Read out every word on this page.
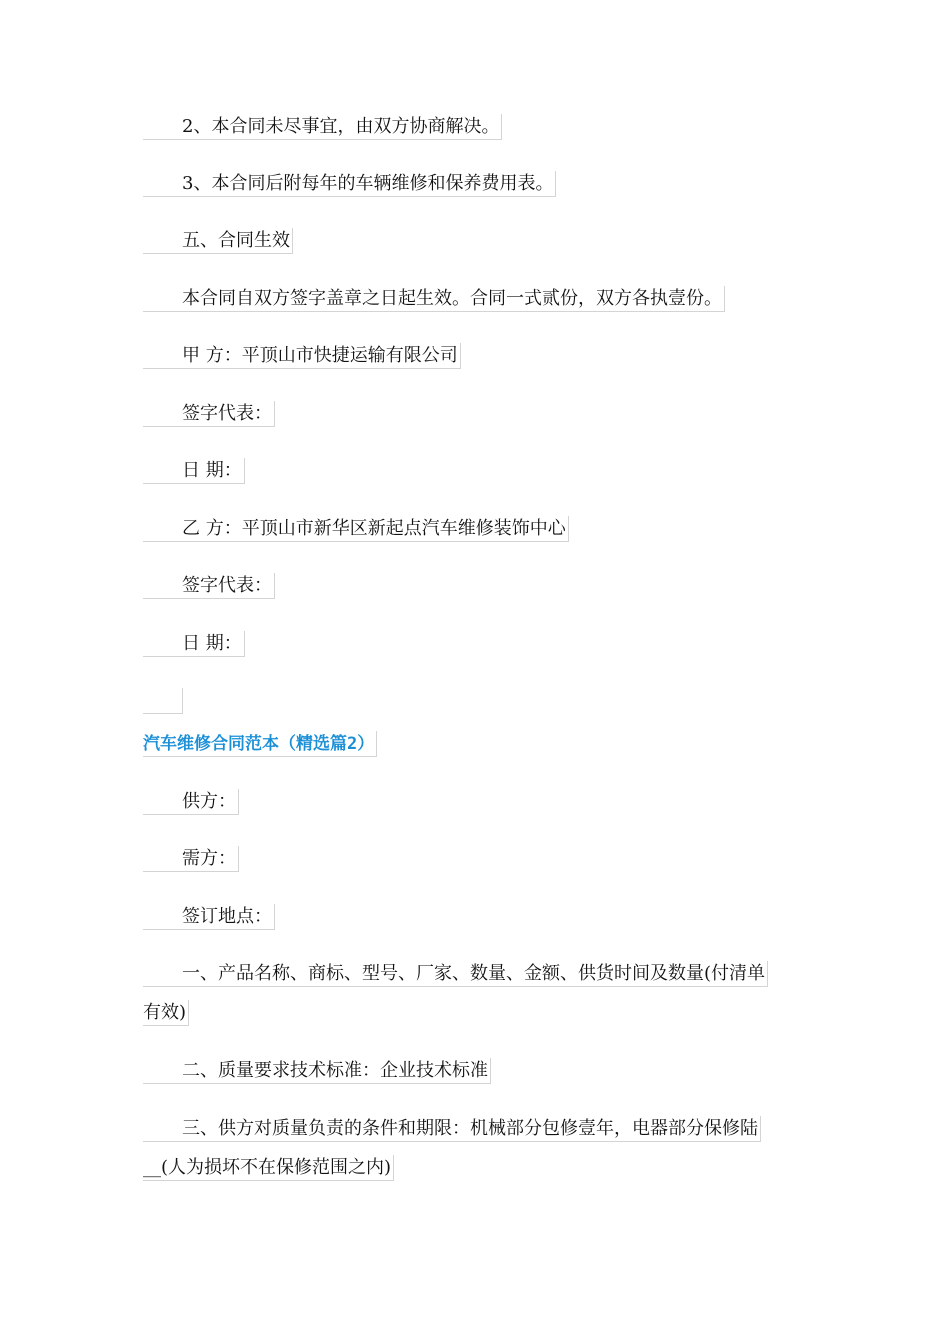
2、本合同未尽事宜，由双方协商解决。
3、本合同后附每年的车辆维修和保养费用表。
五、合同生效
本合同自双方签字盖章之日起生效。合同一式贰份，双方各执壹份。
甲 方：平顶山市快捷运输有限公司
签字代表：
日 期：
乙 方：平顶山市新华区新起点汽车维修装饰中心
签字代表：
日 期：
汽车维修合同范本（精选篇2）
供方：
需方：
签订地点：
一、产品名称、商标、型号、厂家、数量、金额、供货时间及数量(付清单
有效)
二、质量要求技术标准：企业技术标准
三、供方对质量负责的条件和期限：机械部分包修壹年，电器部分保修陆
__(人为损坏不在保修范围之内)
